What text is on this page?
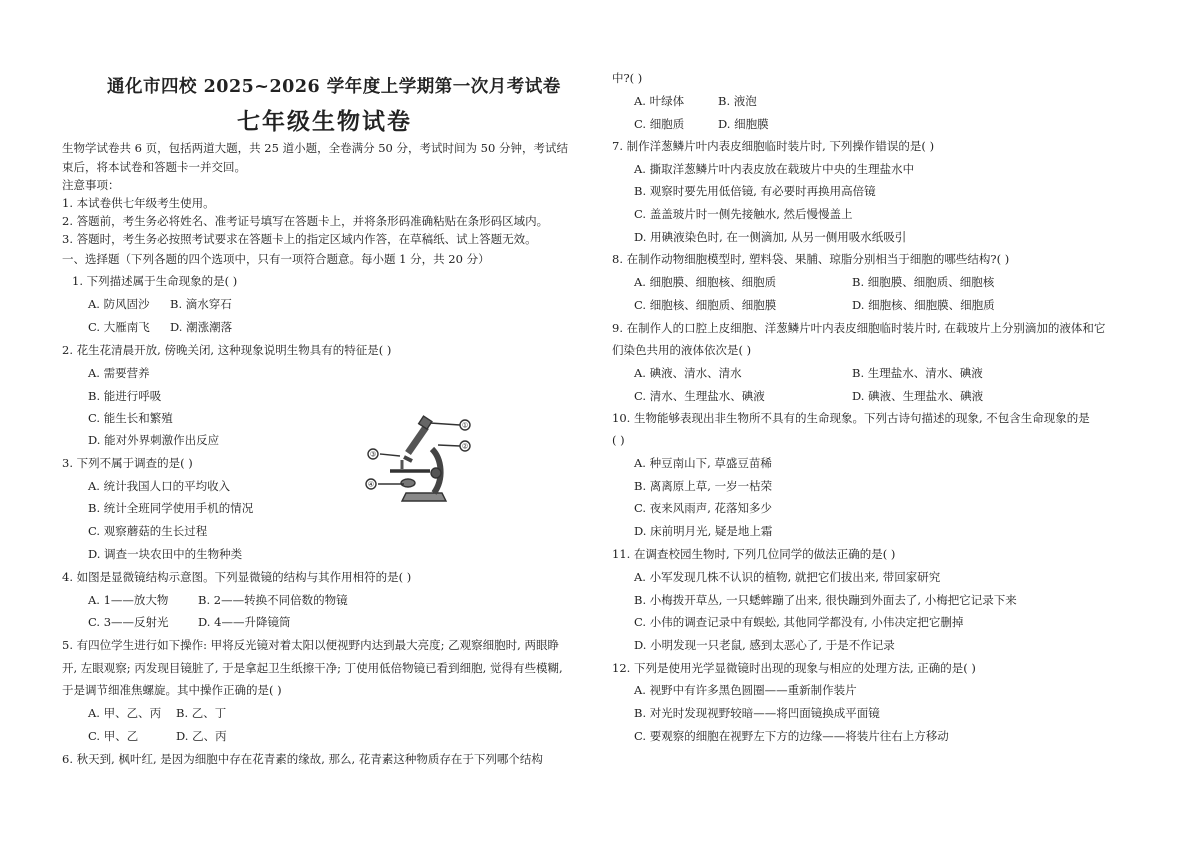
通化市四校 2025~2026 学年度上学期第一次月考试卷
七年级生物试卷
生物学试卷共 6 页，包括两道大题，共 25 道小题，全卷满分 50 分，考试时间为 50 分钟，考试结
束后，将本试卷和答题卡一并交回。
注意事项：
1. 本试卷供七年级考生使用。
2. 答题前，考生务必将姓名、准考证号填写在答题卡上，并将条形码准确粘贴在条形码区域内。
3. 答题时，考生务必按照考试要求在答题卡上的指定区域内作答，在草稿纸、试上答题无效。
一、选择题（下列各题的四个选项中，只有一项符合题意。每小题 1 分，共 20 分）
1. 下列描述属于生命现象的是( )
A. 防风固沙 B. 滴水穿石
C. 大雁南飞 D. 潮涨潮落
2. 花生花清晨开放, 傍晚关闭, 这种现象说明生物具有的特征是( )
A. 需要营养
B. 能进行呼吸
C. 能生长和繁殖
D. 能对外界刺激作出反应
3. 下列不属于调查的是( )
A. 统计我国人口的平均收入
B. 统计全班同学使用手机的情况
C. 观察蘑菇的生长过程
D. 调查一块农田中的生物种类
①
②
③
④
4. 如图是显微镜结构示意图。下列显微镜的结构与其作用相符的是( )
A. 1——放大物	B. 2——转换不同倍数的物镜
C. 3——反射光	D. 4——升降镜筒
5. 有四位学生进行如下操作: 甲将反光镜对着太阳以便视野内达到最大亮度; 乙观察细胞时, 两眼睁
开, 左眼观察; 丙发现目镜脏了, 于是拿起卫生纸擦干净; 丁使用低倍物镜已看到细胞, 觉得有些模糊,
于是调节细准焦螺旋。其中操作正确的是( )
A. 甲、乙、丙 B. 乙、丁
C. 甲、乙	D. 乙、丙
6. 秋天到, 枫叶红, 是因为细胞中存在花青素的缘故, 那么, 花青素这种物质存在于下列哪个结构
中?( )
A. 叶绿体	B. 液泡
C. 细胞质	D. 细胞膜
7. 制作洋葱鳞片叶内表皮细胞临时装片时, 下列操作错误的是( )
A. 撕取洋葱鳞片叶内表皮放在载玻片中央的生理盐水中
B. 观察时要先用低倍镜, 有必要时再换用高倍镜
C. 盖盖玻片时一侧先接触水, 然后慢慢盖上
D. 用碘液染色时, 在一侧滴加, 从另一侧用吸水纸吸引
8. 在制作动物细胞模型时, 塑料袋、果脯、琼脂分别相当于细胞的哪些结构?( )
A. 细胞膜、细胞核、细胞质	B. 细胞膜、细胞质、细胞核
C. 细胞核、细胞质、细胞膜	D. 细胞核、细胞膜、细胞质
9. 在制作人的口腔上皮细胞、洋葱鳞片叶内表皮细胞临时装片时, 在载玻片上分别滴加的液体和它
们染色共用的液体依次是( )
A. 碘液、清水、清水	B. 生理盐水、清水、碘液
C. 清水、生理盐水、碘液	D. 碘液、生理盐水、碘液
10. 生物能够表现出非生物所不具有的生命现象。下列古诗句描述的现象, 不包含生命现象的是
( )
A. 种豆南山下, 草盛豆苗稀
B. 离离原上草, 一岁一枯荣
C. 夜来风雨声, 花落知多少
D. 床前明月光, 疑是地上霜
11. 在调查校园生物时, 下列几位同学的做法正确的是( )
A. 小军发现几株不认识的植物, 就把它们拔出来, 带回家研究
B. 小梅拨开草丛, 一只蟋蟀蹦了出来, 很快蹦到外面去了, 小梅把它记录下来
C. 小伟的调查记录中有蜈蚣, 其他同学都没有, 小伟决定把它删掉
D. 小明发现一只老鼠, 感到太恶心了, 于是不作记录
12. 下列是使用光学显微镜时出现的现象与相应的处理方法, 正确的是( )
A. 视野中有许多黑色圆圈——重新制作装片
B. 对光时发现视野较暗——将凹面镜换成平面镜
C. 要观察的细胞在视野左下方的边缘——将装片往右上方移动
